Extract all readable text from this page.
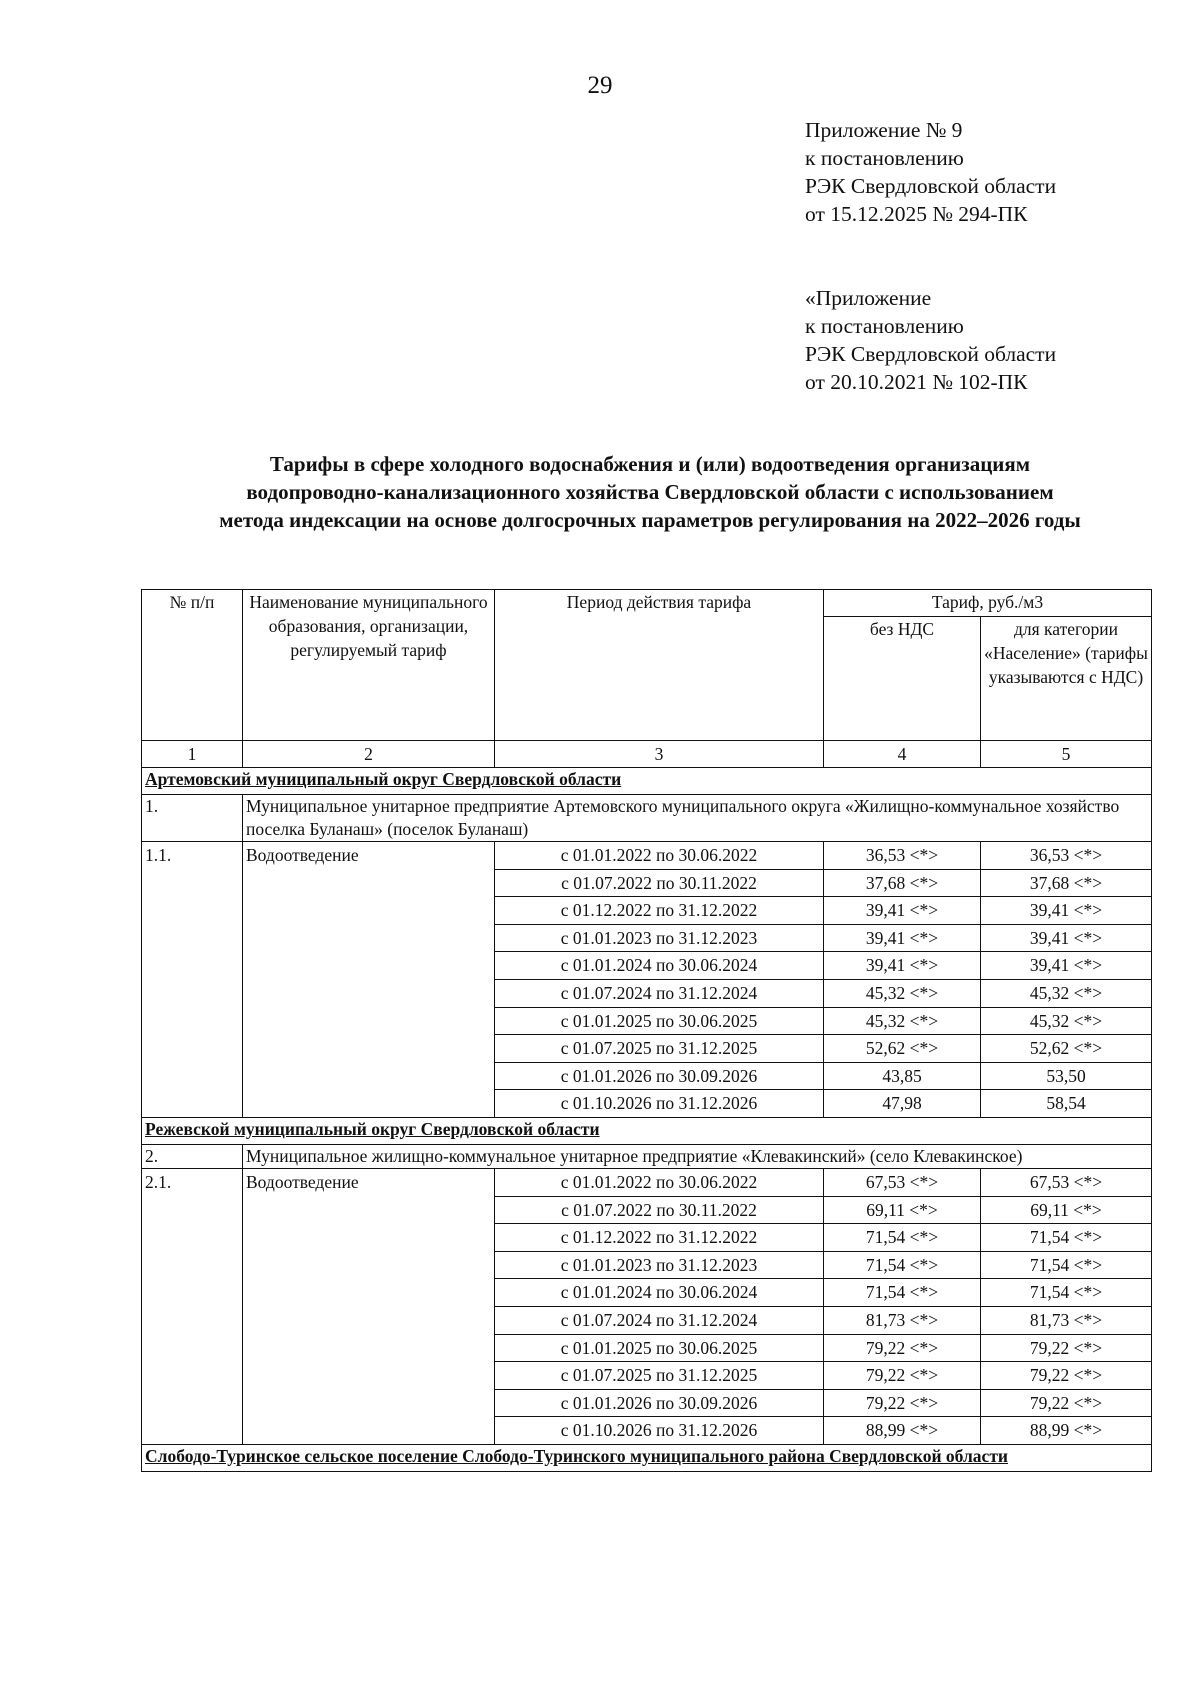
29
Приложение № 9
к постановлению
РЭК Свердловской области
от 15.12.2025 № 294-ПК
«Приложение
к постановлению
РЭК Свердловской области
от 20.10.2021 № 102-ПК
Тарифы в сфере холодного водоснабжения и (или) водоотведения организациям
водопроводно-канализационного хозяйства Свердловской области с использованием
метода индексации на основе долгосрочных параметров регулирования на 2022–2026 годы
№ п/п	Наименование муниципального образования, организации, регулируемый тариф	Период действия тарифа	Тариф, руб./м3	
			без НДС	для категории «Население» (тарифы указываются с НДС)
1	2	3	4	5
Артемовский муниципальный округ Свердловской области				
1.	Муниципальное унитарное предприятие Артемовского муниципального округа «Жилищно-коммунальное хозяйство поселка Буланаш» (поселок Буланаш)			
1.1.	Водоотведение	с 01.01.2022 по 30.06.2022	36,53 <*>	36,53 <*>
		с 01.07.2022 по 30.11.2022	37,68 <*>	37,68 <*>
		с 01.12.2022 по 31.12.2022	39,41 <*>	39,41 <*>
		с 01.01.2023 по 31.12.2023	39,41 <*>	39,41 <*>
		с 01.01.2024 по 30.06.2024	39,41 <*>	39,41 <*>
		с 01.07.2024 по 31.12.2024	45,32 <*>	45,32 <*>
		с 01.01.2025 по 30.06.2025	45,32 <*>	45,32 <*>
		с 01.07.2025 по 31.12.2025	52,62 <*>	52,62 <*>
		с 01.01.2026 по 30.09.2026	43,85	53,50
		с 01.10.2026 по 31.12.2026	47,98	58,54
Режевской муниципальный округ Свердловской области				
2.	Муниципальное жилищно-коммунальное унитарное предприятие «Клевакинский» (село Клевакинское)			
2.1.	Водоотведение	с 01.01.2022 по 30.06.2022	67,53 <*>	67,53 <*>
		с 01.07.2022 по 30.11.2022	69,11 <*>	69,11 <*>
		с 01.12.2022 по 31.12.2022	71,54 <*>	71,54 <*>
		с 01.01.2023 по 31.12.2023	71,54 <*>	71,54 <*>
		с 01.01.2024 по 30.06.2024	71,54 <*>	71,54 <*>
		с 01.07.2024 по 31.12.2024	81,73 <*>	81,73 <*>
		с 01.01.2025 по 30.06.2025	79,22 <*>	79,22 <*>
		с 01.07.2025 по 31.12.2025	79,22 <*>	79,22 <*>
		с 01.01.2026 по 30.09.2026	79,22 <*>	79,22 <*>
		с 01.10.2026 по 31.12.2026	88,99 <*>	88,99 <*>
Слободо-Туринское сельское поселение Слободо-Туринского муниципального района Свердловской области				
